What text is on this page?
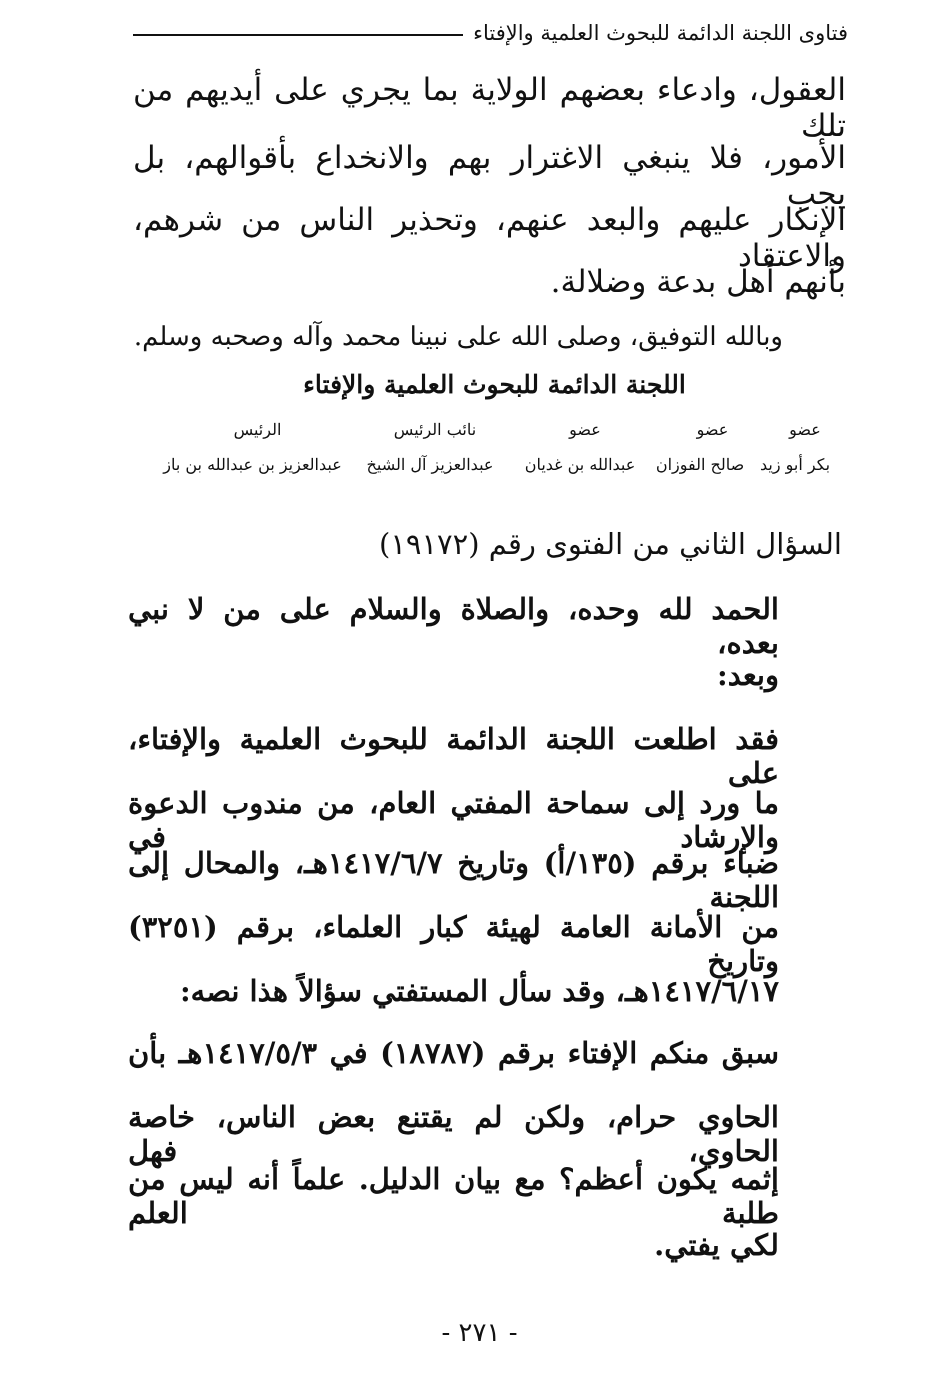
فتاوى اللجنة الدائمة للبحوث العلمية والإفتاء
العقول، وادعاء بعضهم الولاية بما يجري على أيديهم من تلك
الأمور، فلا ينبغي الاغترار بهم والانخداع بأقوالهم، بل يجب
الإنكار عليهم والبعد عنهم، وتحذير الناس من شرهم، والاعتقاد
بأنهم أهل بدعة وضلالة.
وبالله التوفيق، وصلى الله على نبينا محمد وآله وصحبه وسلم.
اللجنة الدائمة للبحوث العلمية والإفتاء
عضو
عضو
عضو
نائب الرئيس
الرئيس
بكر أبو زيد
صالح الفوزان
عبدالله بن غديان
عبدالعزيز آل الشيخ
عبدالعزيز بن عبدالله بن باز
السؤال الثاني من الفتوى رقم (١٩١٧٢)
الحمد لله وحده، والصلاة والسلام على من لا نبي بعده،
وبعد:
فقد اطلعت اللجنة الدائمة للبحوث العلمية والإفتاء، على
ما ورد إلى سماحة المفتي العام، من مندوب الدعوة والإرشاد في
ضباء برقم (١٣٥/أ) وتاريخ ١٤١٧/٦/٧هـ، والمحال إلى اللجنة
من الأمانة العامة لهيئة كبار العلماء، برقم (٣٢٥١) وتاريخ
١٤١٧/٦/١٧هـ، وقد سأل المستفتي سؤالاً هذا نصه:
سبق منكم الإفتاء برقم (١٨٧٨٧) في ١٤١٧/٥/٣هـ بأن
الحاوي حرام، ولكن لم يقتنع بعض الناس، خاصة الحاوي، فهل
إثمه يكون أعظم؟ مع بيان الدليل. علماً أنه ليس من طلبة العلم
لكي يفتي.
- ٢٧١ -
